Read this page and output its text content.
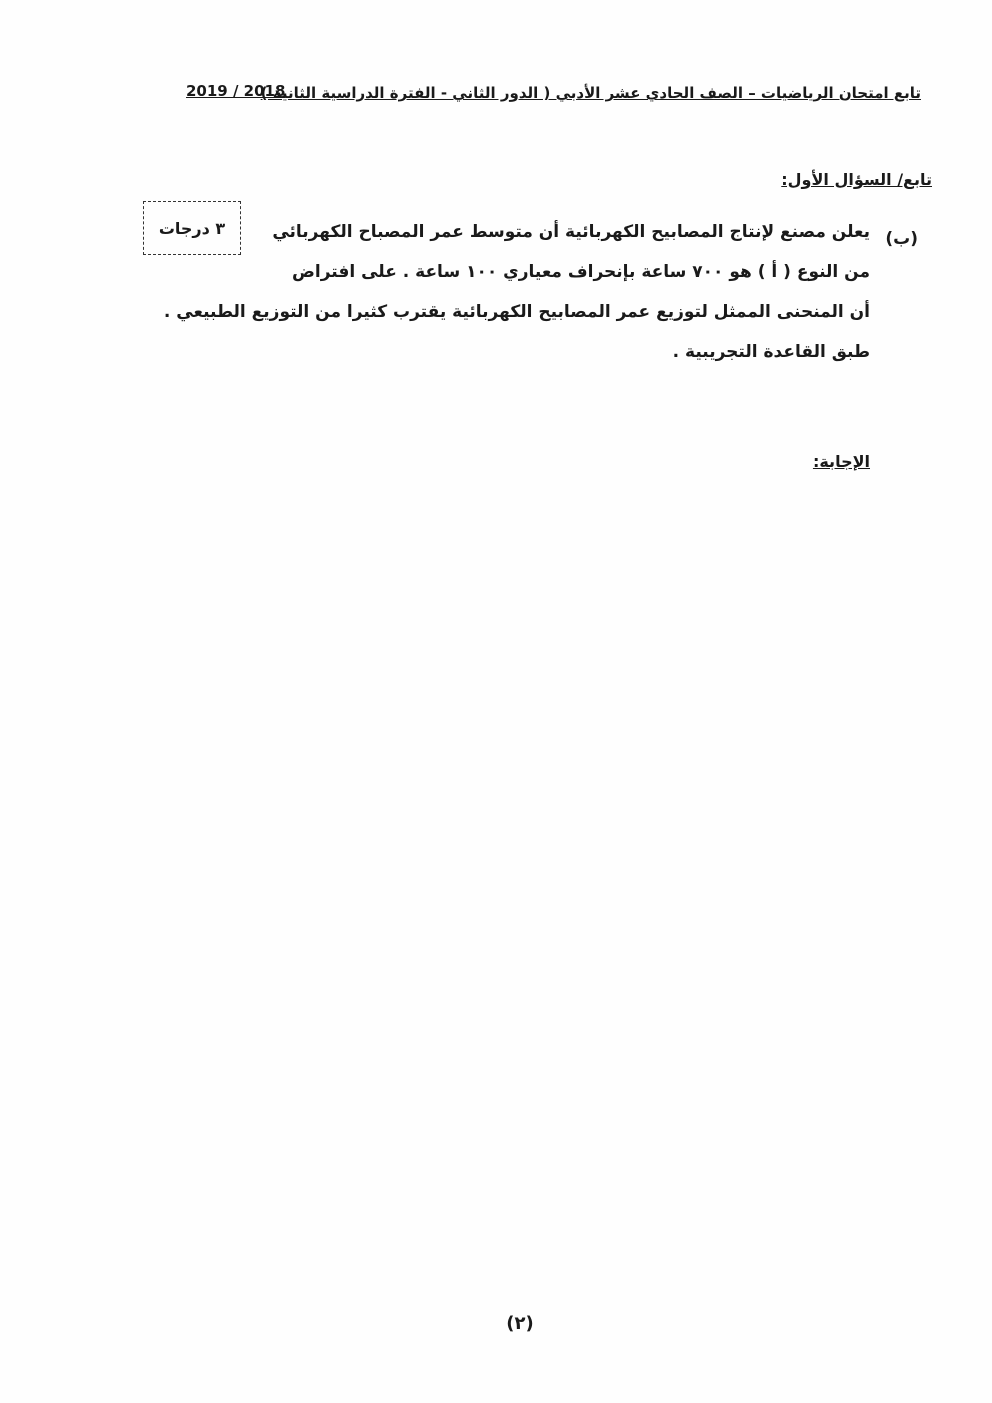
تابع امتحان الرياضيات – الصف الحادي عشر الأدبي ( الدور الثاني - الفترة الدراسية الثانية )
2019 / 2018
تابع/ السؤال الأول:
٣ درجات
(ب)
يعلن مصنع لإنتاج المصابيح الكهربائية أن متوسط عمر المصباح الكهربائي
من النوع ( أ ) هو ٧٠٠ ساعة بإنحراف معياري ١٠٠ ساعة . على افتراض
أن المنحنى الممثل لتوزيع عمر المصابيح الكهربائية يقترب كثيرا من التوزيع الطبيعي .
طبق القاعدة التجريبية .
الإجابة:
(٢)
